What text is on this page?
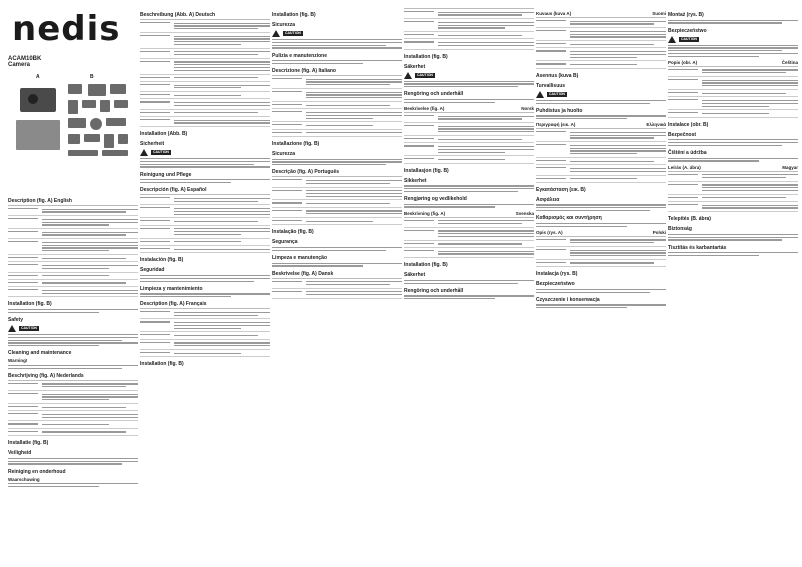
nedis
ACAM10BK
Camera
A	B
Description (fig. A) English
Installation (fig. B)
Safety
CAUTION
Cleaning and maintenance
Warning!
Beschrijving (fig. A) Nederlands
Installatie (fig. B)
Veiligheid
Reiniging en onderhoud
Waarschuwing
Beschreibung (Abb. A) Deutsch
Installation (Abb. B)
Sicherheit
CAUTION
Reinigung und Pflege
Descripción (fig. A) Español
Instalación (fig. B)
Seguridad
Limpieza y mantenimiento
Description (fig. A) Français
Installation (fig. B)
Installation (fig. B)
Sicurezza
CAUTION
Pulizia e manutenzione
Descrizione (fig. A) Italiano
Installazione (fig. B)
Sicurezza
Descrição (fig. A) Português
Instalação (fig. B)
Segurança
Limpeza e manutenção
Beskrivelse (fig. A) Dansk
Installation (fig. B)
Säkerhet
CAUTION
Rengöring och underhåll
Beskrivelse (fig. A)	Norsk
Installasjon (fig. B)
Sikkerhet
Rengjøring og vedlikehold
Beskrivning (fig. A)	Svenska
Installation (fig. B)
Säkerhet
Rengöring och underhåll
Kuvaus (kuva A)	Suomi
Asennus (kuva B)
Turvallisuus
CAUTION
Puhdistus ja huolto
Περιγραφή (εικ. A)	Ελληνικά
Εγκατάσταση (εικ. B)
Ασφάλεια
Καθαρισμός και συντήρηση
Opis (rys. A)	Polski
Instalacja (rys. B)
Bezpieczeństwo
Czyszczenie i konserwacja
Montaż (rys. B)
Bezpieczeństwo
CAUTION
Popis (obr. A)	Čeština
Instalace (obr. B)
Bezpečnost
Čištění a údržba
Leírás (A. ábra)	Magyar
Telepítés (B. ábra)
Biztonság
Tisztítás és karbantartás
